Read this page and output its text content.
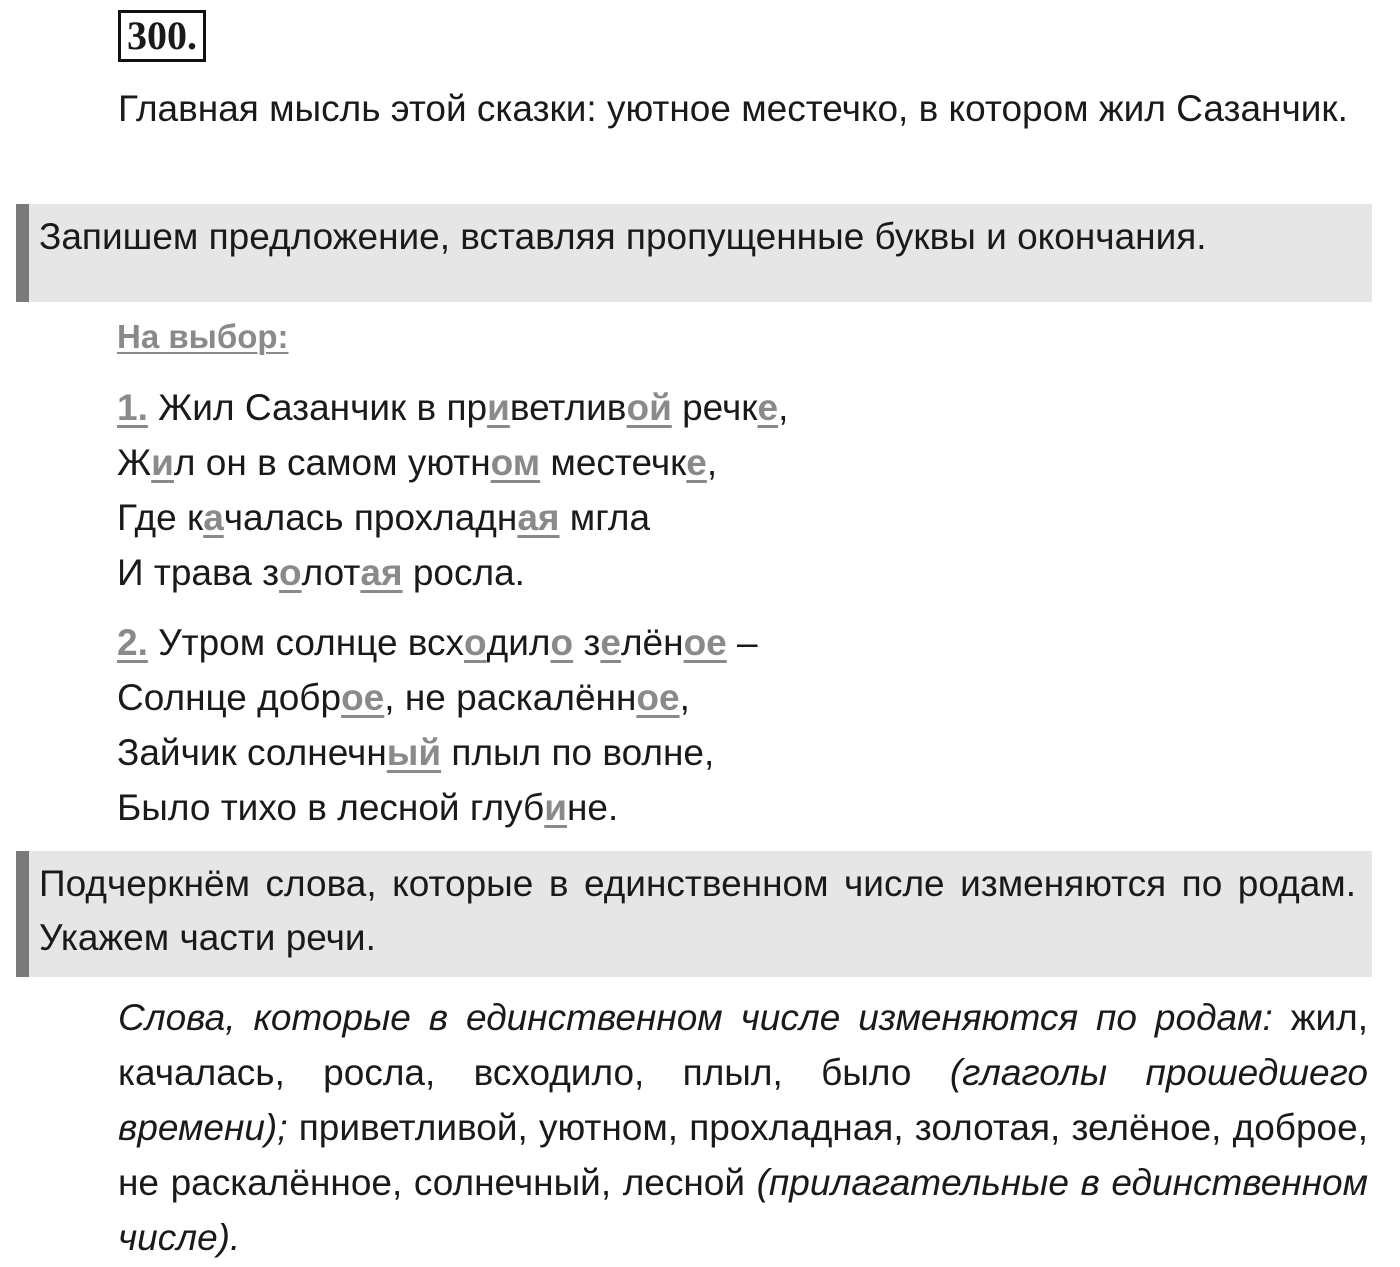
300.
Главная мысль этой сказки: уютное местечко, в котором жил Сазанчик.
Запишем предложение, вставляя пропущенные буквы и окончания.
На выбор:
1. Жил Сазанчик в приветливой речке,
Жил он в самом уютном местечке,
Где качалась прохладная мгла
И трава золотая росла.
2. Утром солнце всходило зелёное –
Солнце доброе, не раскалённое,
Зайчик солнечный плыл по волне,
Было тихо в лесной глубине.
Подчеркнём слова, которые в единственном числе изменяются по родам. Укажем части речи.
Слова, которые в единственном числе изменяются по родам: жил, качалась, росла, всходило, плыл, было (глаголы прошедшего времени); приветливой, уютном, прохладная, золотая, зелёное, доброе, не раскалённое, солнечный, лесной (прилагательные в единственном числе).
